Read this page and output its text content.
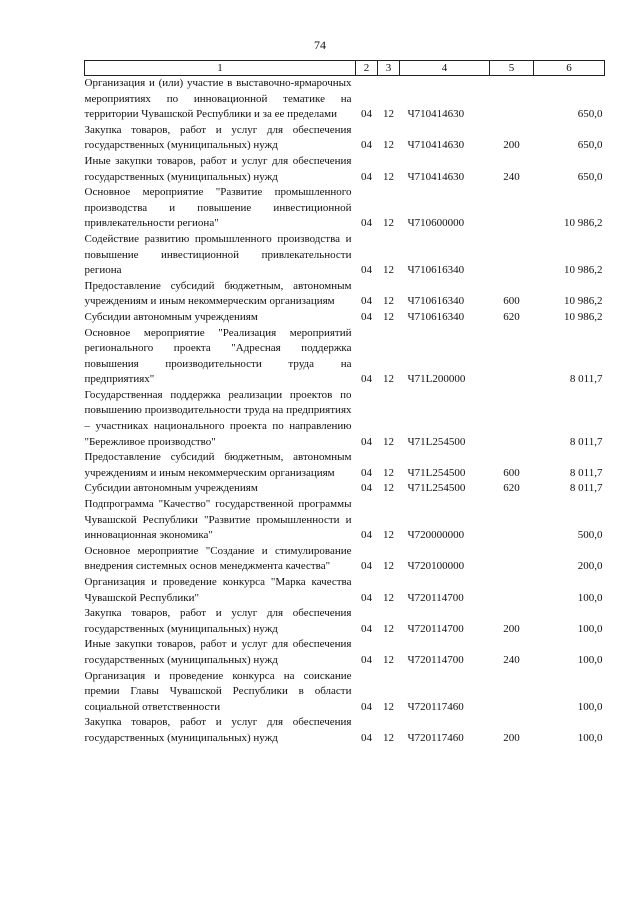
74
1	2	3	4	5	6
Организация и (или) участие в выставочно-ярмарочных мероприятиях по инновационной тематике на территории Чувашской Республики и за ее пределами	04	12	Ч710414630		650,0
Закупка товаров, работ и услуг для обеспечения государственных (муниципальных) нужд	04	12	Ч710414630	200	650,0
Иные закупки товаров, работ и услуг для обеспечения государственных (муниципальных) нужд	04	12	Ч710414630	240	650,0
Основное мероприятие "Развитие промышленного производства и повышение инвестиционной привлекательности региона"	04	12	Ч710600000		10 986,2
Содействие развитию промышленного производства и повышение инвестиционной привлекательности региона	04	12	Ч710616340		10 986,2
Предоставление субсидий бюджетным, автономным учреждениям и иным некоммерческим организациям	04	12	Ч710616340	600	10 986,2
Субсидии автономным учреждениям	04	12	Ч710616340	620	10 986,2
Основное мероприятие "Реализация мероприятий регионального проекта "Адресная поддержка повышения производительности труда на предприятиях"	04	12	Ч71L200000		8 011,7
Государственная поддержка реализации проектов по повышению производительности труда на предприятиях – участниках национального проекта по направлению "Бережливое производство"	04	12	Ч71L254500		8 011,7
Предоставление субсидий бюджетным, автономным учреждениям и иным некоммерческим организациям	04	12	Ч71L254500	600	8 011,7
Субсидии автономным учреждениям	04	12	Ч71L254500	620	8 011,7
Подпрограмма "Качество" государственной программы Чувашской Республики "Развитие промышленности и инновационная экономика"	04	12	Ч720000000		500,0
Основное мероприятие "Создание и стимулирование внедрения системных основ менеджмента качества"	04	12	Ч720100000		200,0
Организация и проведение конкурса "Марка качества Чувашской Республики"	04	12	Ч720114700		100,0
Закупка товаров, работ и услуг для обеспечения государственных (муниципальных) нужд	04	12	Ч720114700	200	100,0
Иные закупки товаров, работ и услуг для обеспечения государственных (муниципальных) нужд	04	12	Ч720114700	240	100,0
Организация и проведение конкурса на соискание премии Главы Чувашской Республики в области социальной ответственности	04	12	Ч720117460		100,0
Закупка товаров, работ и услуг для обеспечения государственных (муниципальных) нужд	04	12	Ч720117460	200	100,0
